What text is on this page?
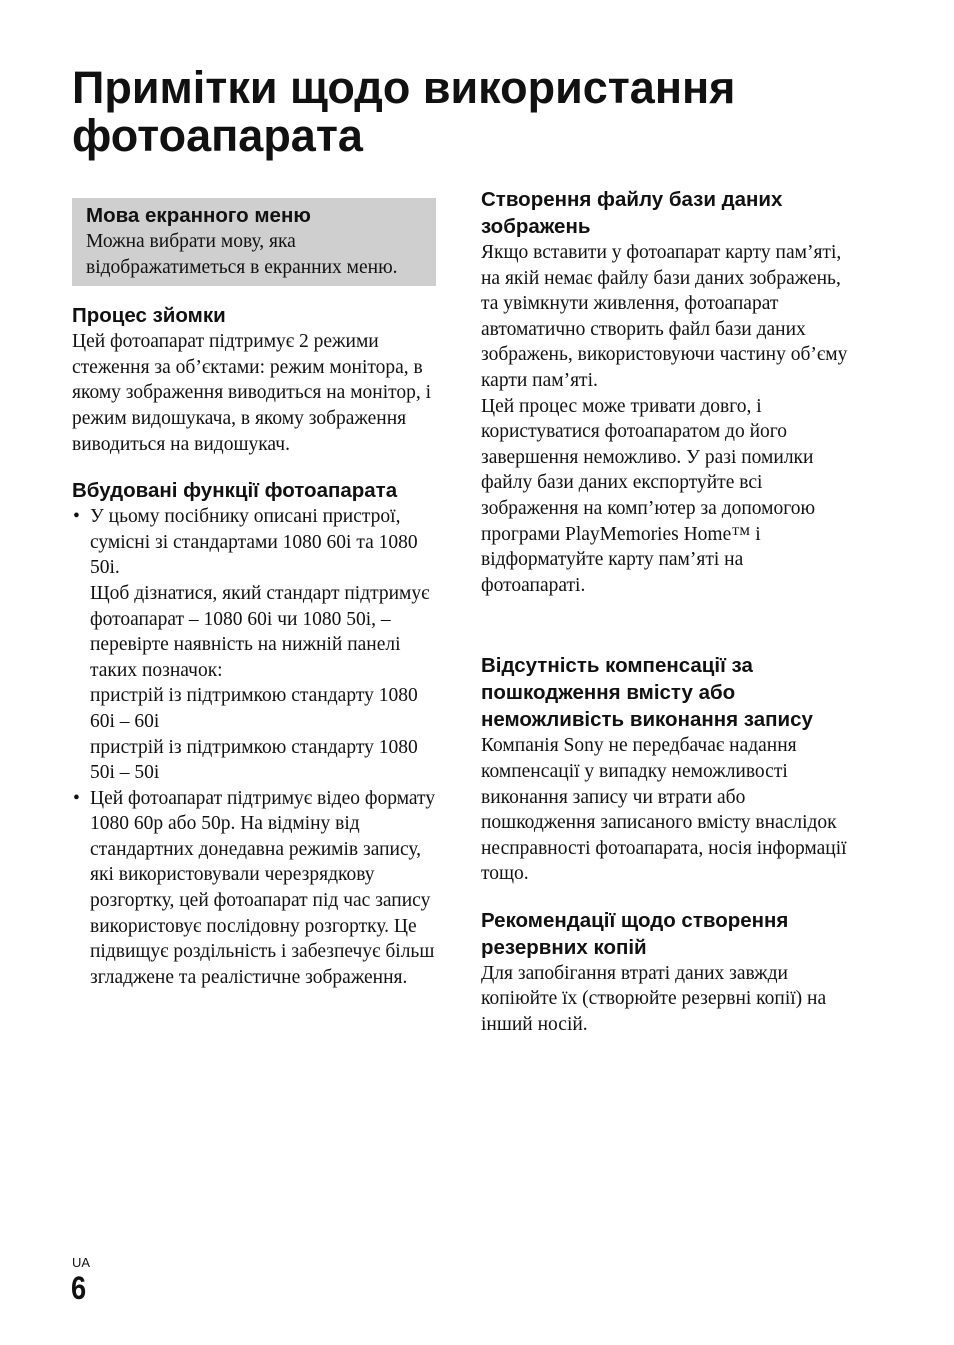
Примітки щодо використання фотоапарата

Мова екранного меню

Можна вибрати мову, яка відображатиметься в екранних меню.

Процес зйомки

Цей фотоапарат підтримує 2 режими стеження за об’єктами: режим монітора, в якому зображення виводиться на монітор, і режим видошукача, в якому зображення виводиться на видошукач.

Вбудовані функції фотоапарата

• У цьому посібнику описані пристрої, сумісні зі стандартами 1080 60i та 1080 50i.
Щоб дізнатися, який стандарт підтримує фотоапарат – 1080 60i чи 1080 50i, – перевірте наявність на нижній панелі таких позначок:
пристрій із підтримкою стандарту 1080 60i – 60i
пристрій із підтримкою стандарту 1080 50i – 50i
• Цей фотоапарат підтримує відео формату 1080 60p або 50p. На відміну від стандартних донедавна режимів запису, які використовували черезрядкову розгортку, цей фотоапарат під час запису використовує послідовну розгортку. Це підвищує роздільність і забезпечує більш згладжене та реалістичне зображення.

Створення файлу бази даних зображень

Якщо вставити у фотоапарат карту пам’яті, на якій немає файлу бази даних зображень, та увімкнути живлення, фотоапарат автоматично створить файл бази даних зображень, використовуючи частину об’єму карти пам’яті.

Цей процес може тривати довго, і користуватися фотоапаратом до його завершення неможливо. У разі помилки файлу бази даних експортуйте всі зображення на комп’ютер за допомогою програми PlayMemories Home™ і відформатуйте карту пам’яті на фотоапараті.

Відсутність компенсації за пошкодження вмісту або неможливість виконання запису

Компанія Sony не передбачає надання компенсації у випадку неможливості виконання запису чи втрати або пошкодження записаного вмісту внаслідок несправності фотоапарата, носія інформації тощо.

Рекомендації щодо створення резервних копій

Для запобігання втраті даних завжди копіюйте їх (створюйте резервні копії) на інший носій.

UA
6
